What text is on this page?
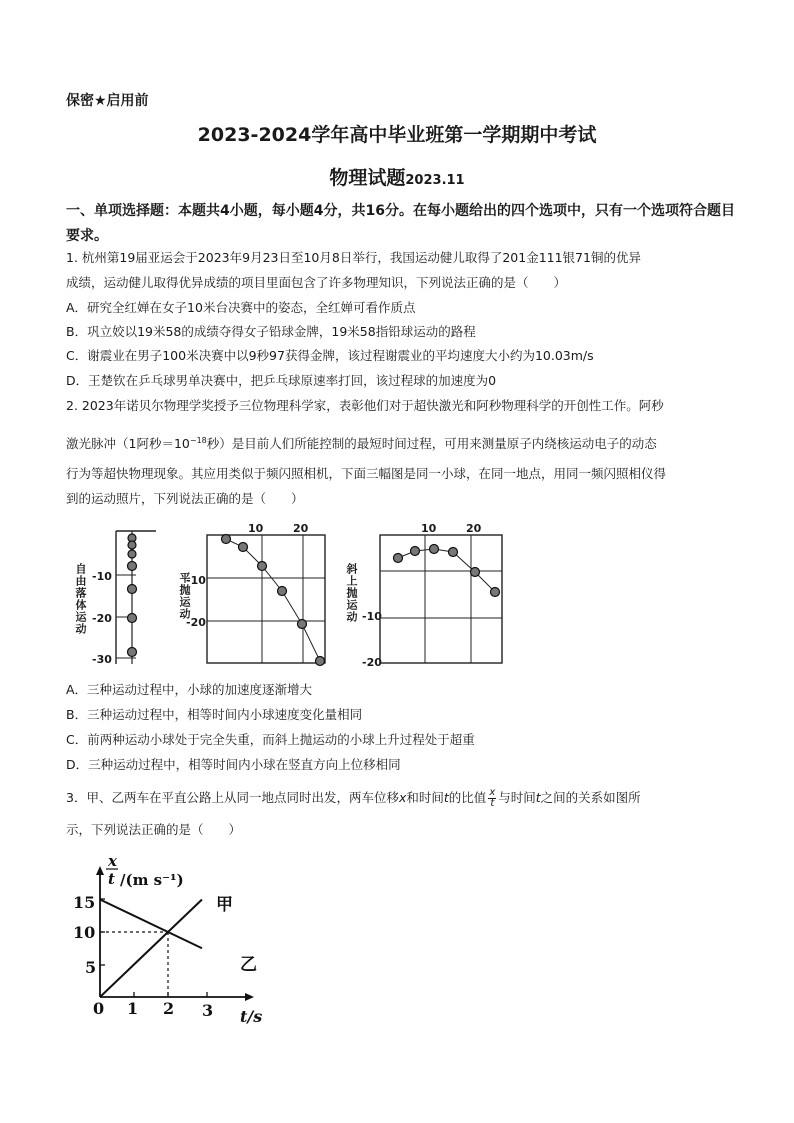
保密★启用前
2023-2024学年高中毕业班第一学期期中考试
物理试题2023.11
一、单项选择题：本题共4小题，每小题4分，共16分。在每小题给出的四个选项中，只有一个选项符合题目要求。
1. 杭州第19届亚运会于2023年9月23日至10月8日举行，我国运动健儿取得了201金111银71铜的优异
成绩，运动健儿取得优异成绩的项目里面包含了许多物理知识，下列说法正确的是（　　）
A．研究全红婵在女子10米台决赛中的姿态，全红婵可看作质点
B．巩立姣以19米58的成绩夺得女子铅球金牌，19米58指铅球运动的路程
C．谢震业在男子100米决赛中以9秒97获得金牌，该过程谢震业的平均速度大小约为10.03m/s
D．王楚钦在乒乓球男单决赛中，把乒乓球原速率打回，该过程球的加速度为0
2. 2023年诺贝尔物理学奖授予三位物理科学家，表彰他们对于超快激光和阿秒物理科学的开创性工作。阿秒
激光脉冲（1阿秒$=10^{-18}$秒）是目前人们所能控制的最短时间过程，可用来测量原子内绕核运动电子的动态
行为等超快物理现象。其应用类似于频闪照相机，下面三幅图是同一小球，在同一地点，用同一频闪照相仪得
到的运动照片，下列说法正确的是（　　）
自由落体运动 -10
-20
-30
10	20
平抛运动
-10
-20
10	20
斜上抛运动 -10
-20
A．三种运动过程中，小球的加速度逐渐增大
B．三种运动过程中，相等时间内小球速度变化量相同
C．前两种运动小球处于完全失重，而斜上抛运动的小球上升过程处于超重
D．三种运动过程中，相等时间内小球在竖直方向上位移相同
3．甲、乙两车在平直公路上从同一地点同时出发，两车位移x和时间t的比值 $\frac{x}{t}$ 与时间t之间的关系如图所
示，下列说法正确的是（　　）
x
t /(m s⁻¹)
15
10
5
0 1 2 3 t/s
甲
乙
